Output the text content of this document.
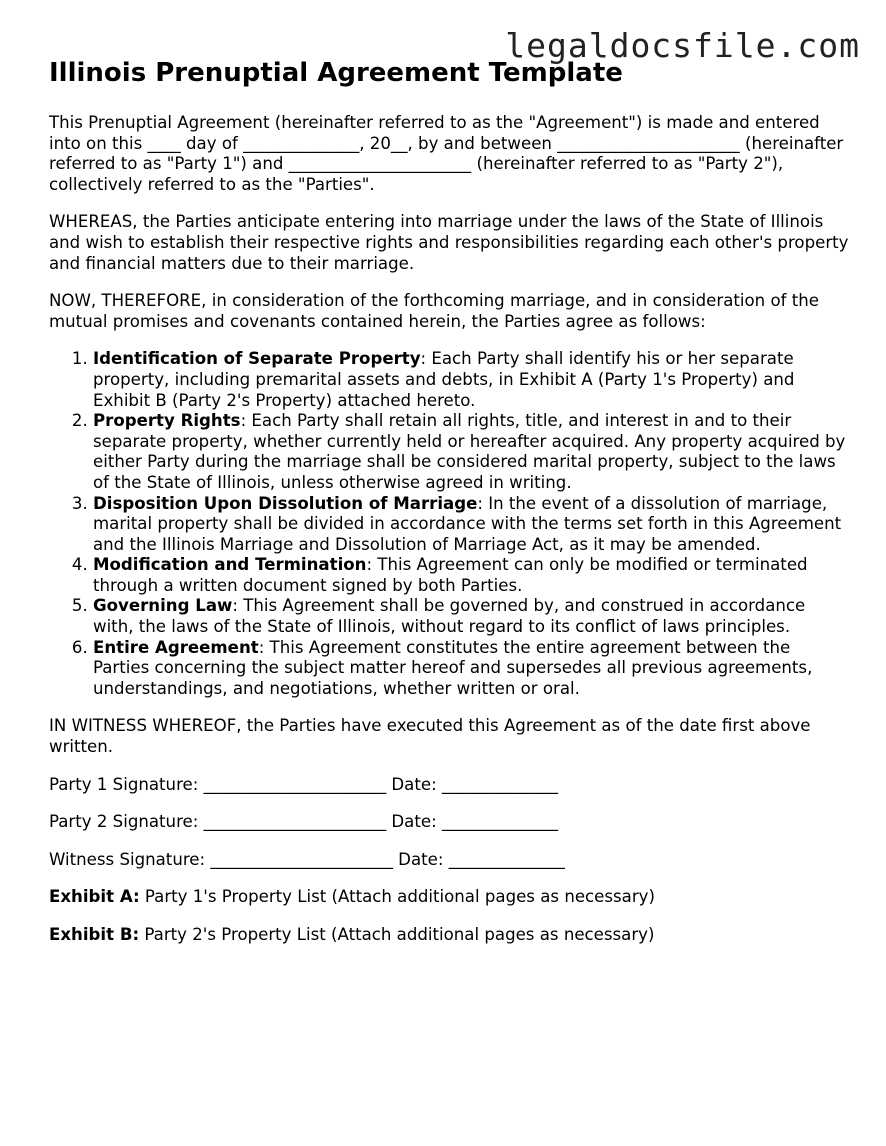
legaldocsfile.com
Illinois Prenuptial Agreement Template

This Prenuptial Agreement (hereinafter referred to as the "Agreement") is made and entered into on this ____ day of ______________, 20__, by and between ______________________ (hereinafter referred to as "Party 1") and ______________________ (hereinafter referred to as "Party 2"), collectively referred to as the "Parties".

WHEREAS, the Parties anticipate entering into marriage under the laws of the State of Illinois and wish to establish their respective rights and responsibilities regarding each other's property and financial matters due to their marriage.

NOW, THEREFORE, in consideration of the forthcoming marriage, and in consideration of the mutual promises and covenants contained herein, the Parties agree as follows:

1. Identification of Separate Property: Each Party shall identify his or her separate property, including premarital assets and debts, in Exhibit A (Party 1's Property) and Exhibit B (Party 2's Property) attached hereto.
2. Property Rights: Each Party shall retain all rights, title, and interest in and to their separate property, whether currently held or hereafter acquired. Any property acquired by either Party during the marriage shall be considered marital property, subject to the laws of the State of Illinois, unless otherwise agreed in writing.
3. Disposition Upon Dissolution of Marriage: In the event of a dissolution of marriage, marital property shall be divided in accordance with the terms set forth in this Agreement and the Illinois Marriage and Dissolution of Marriage Act, as it may be amended.
4. Modification and Termination: This Agreement can only be modified or terminated through a written document signed by both Parties.
5. Governing Law: This Agreement shall be governed by, and construed in accordance with, the laws of the State of Illinois, without regard to its conflict of laws principles.
6. Entire Agreement: This Agreement constitutes the entire agreement between the Parties concerning the subject matter hereof and supersedes all previous agreements, understandings, and negotiations, whether written or oral.

IN WITNESS WHEREOF, the Parties have executed this Agreement as of the date first above written.

Party 1 Signature: ______________________ Date: ______________

Party 2 Signature: ______________________ Date: ______________

Witness Signature: ______________________ Date: ______________

Exhibit A: Party 1's Property List (Attach additional pages as necessary)

Exhibit B: Party 2's Property List (Attach additional pages as necessary)
